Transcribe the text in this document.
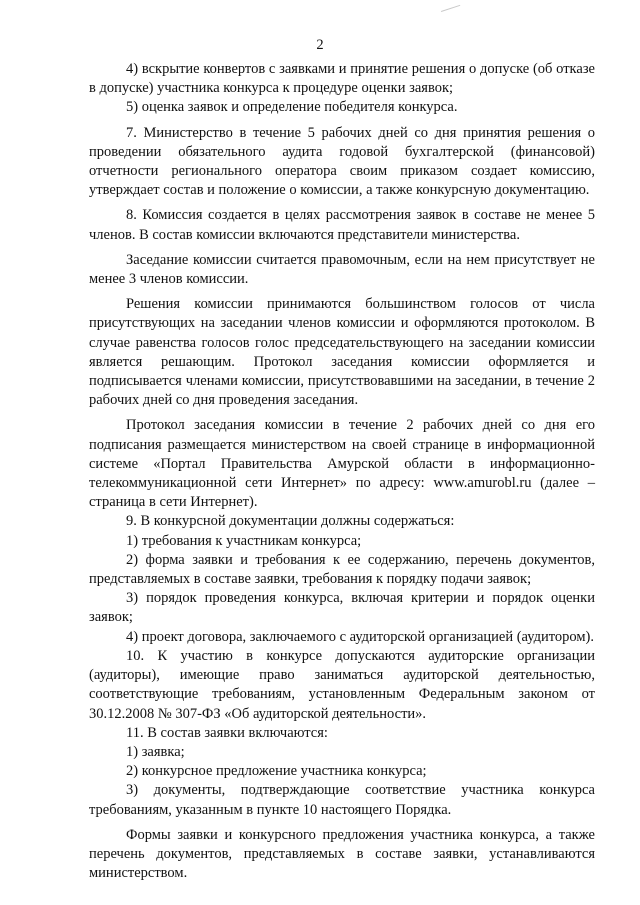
2

4) вскрытие конвертов с заявками и принятие решения о допуске (об отказе в допуске) участника конкурса к процедуре оценки заявок;

5) оценка заявок и определение победителя конкурса.

7. Министерство в течение 5 рабочих дней со дня принятия решения о проведении обязательного аудита годовой бухгалтерской (финансовой) отчетности регионального оператора своим приказом создает комиссию, утверждает состав и положение о комиссии, а также конкурсную документацию.

8. Комиссия создается в целях рассмотрения заявок в составе не менее 5 членов. В состав комиссии включаются представители министерства.

Заседание комиссии считается правомочным, если на нем присутствует не менее 3 членов комиссии.

Решения комиссии принимаются большинством голосов от числа присутствующих на заседании членов комиссии и оформляются протоколом. В случае равенства голосов голос председательствующего на заседании комиссии является решающим. Протокол заседания комиссии оформляется и подписывается членами комиссии, присутствовавшими на заседании, в течение 2 рабочих дней со дня проведения заседания.

Протокол заседания комиссии в течение 2 рабочих дней со дня его подписания размещается министерством на своей странице в информационной системе «Портал Правительства Амурской области в информационно-телекоммуникационной сети Интернет» по адресу: www.amurobl.ru (далее – страница в сети Интернет).

9. В конкурсной документации должны содержаться:

1) требования к участникам конкурса;

2) форма заявки и требования к ее содержанию, перечень документов, представляемых в составе заявки, требования к порядку подачи заявок;

3) порядок проведения конкурса, включая критерии и порядок оценки заявок;

4) проект договора, заключаемого с аудиторской организацией (аудитором).

10. К участию в конкурсе допускаются аудиторские организации (аудиторы), имеющие право заниматься аудиторской деятельностью, соответствующие требованиям, установленным Федеральным законом от 30.12.2008 № 307-ФЗ «Об аудиторской деятельности».

11. В состав заявки включаются:

1) заявка;

2) конкурсное предложение участника конкурса;

3) документы, подтверждающие соответствие участника конкурса требованиям, указанным в пункте 10 настоящего Порядка.

Формы заявки и конкурсного предложения участника конкурса, а также перечень документов, представляемых в составе заявки, устанавливаются министерством.
